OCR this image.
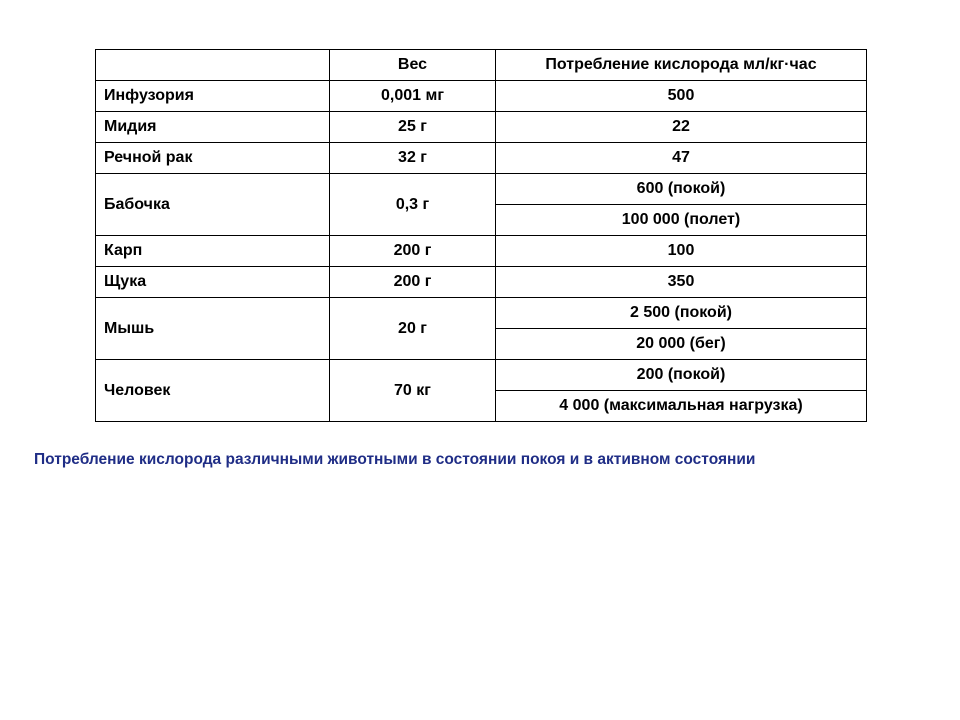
	Вес	Потребление кислорода мл/кг·час
Инфузория	0,001 мг	500
Мидия	25 г	22
Речной рак	32 г	47
Бабочка	0,3 г	600 (покой)
		100 000 (полет)
Карп	200 г	100
Щука	200 г	350
Мышь	20 г	2 500 (покой)
		20 000 (бег)
Человек	70 кг	200 (покой)
		4 000 (максимальная нагрузка)
Потребление кислорода различными животными в состоянии покоя и в активном состоянии
